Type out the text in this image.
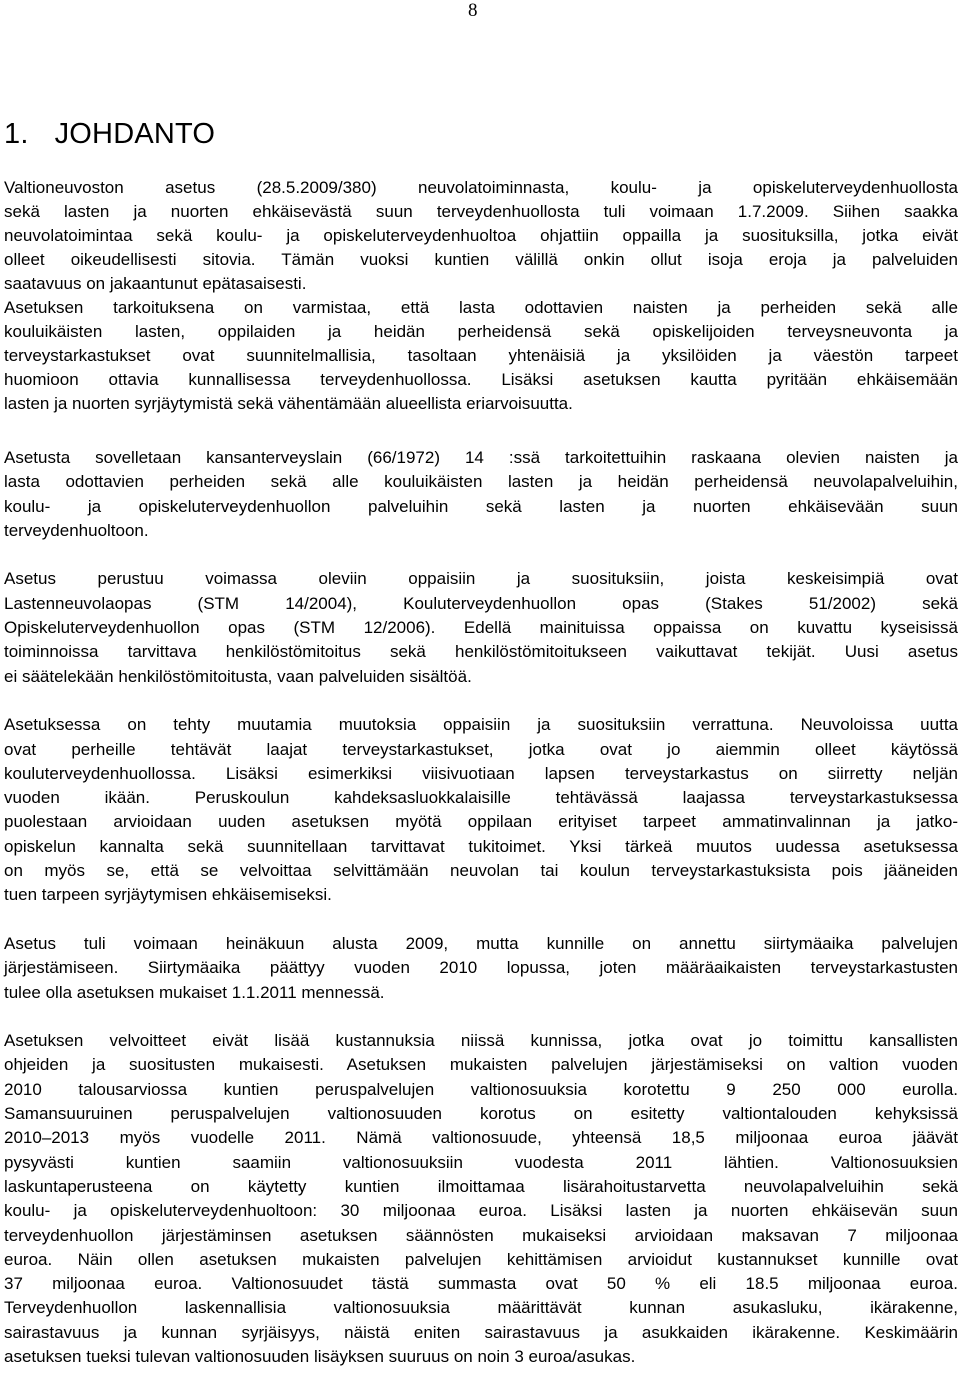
8
1. JOHDANTO
Valtioneuvoston asetus (28.5.2009/380) neuvolatoiminnasta, koulu- ja opiskeluterveydenhuollosta
sekä lasten ja nuorten ehkäisevästä suun terveydenhuollosta tuli voimaan 1.7.2009. Siihen saakka
neuvolatoimintaa sekä koulu- ja opiskeluterveydenhuoltoa ohjattiin oppailla ja suosituksilla, jotka eivät
olleet oikeudellisesti sitovia. Tämän vuoksi kuntien välillä onkin ollut isoja eroja ja palveluiden
saatavuus on jakaantunut epätasaisesti.
Asetuksen tarkoituksena on varmistaa, että lasta odottavien naisten ja perheiden sekä alle
kouluikäisten lasten, oppilaiden ja heidän perheidensä sekä opiskelijoiden terveysneuvonta ja
terveystarkastukset ovat suunnitelmallisia, tasoltaan yhtenäisiä ja yksilöiden ja väestön tarpeet
huomioon ottavia kunnallisessa terveydenhuollossa. Lisäksi asetuksen kautta pyritään ehkäisemään
lasten ja nuorten syrjäytymistä sekä vähentämään alueellista eriarvoisuutta.
Asetusta sovelletaan kansanterveyslain (66/1972) 14 :ssä tarkoitettuihin raskaana olevien naisten ja
lasta odottavien perheiden sekä alle kouluikäisten lasten ja heidän perheidensä neuvolapalveluihin,
koulu- ja opiskeluterveydenhuollon palveluihin sekä lasten ja nuorten ehkäisevään suun
terveydenhuoltoon.
Asetus perustuu voimassa oleviin oppaisiin ja suosituksiin, joista keskeisimpiä ovat
Lastenneuvolaopas (STM 14/2004), Kouluterveydenhuollon opas (Stakes 51/2002) sekä
Opiskeluterveydenhuollon opas (STM 12/2006). Edellä mainituissa oppaissa on kuvattu kyseisissä
toiminnoissa tarvittava henkilöstömitoitus sekä henkilöstömitoitukseen vaikuttavat tekijät. Uusi asetus
ei säätelekään henkilöstömitoitusta, vaan palveluiden sisältöä.
Asetuksessa on tehty muutamia muutoksia oppaisiin ja suosituksiin verrattuna. Neuvoloissa uutta
ovat perheille tehtävät laajat terveystarkastukset, jotka ovat jo aiemmin olleet käytössä
kouluterveydenhuollossa. Lisäksi esimerkiksi viisivuotiaan lapsen terveystarkastus on siirretty neljän
vuoden ikään. Peruskoulun kahdeksasluokkalaisille tehtävässä laajassa terveystarkastuksessa
puolestaan arvioidaan uuden asetuksen myötä oppilaan erityiset tarpeet ammatinvalinnan ja jatko-
opiskelun kannalta sekä suunnitellaan tarvittavat tukitoimet. Yksi tärkeä muutos uudessa asetuksessa
on myös se, että se velvoittaa selvittämään neuvolan tai koulun terveystarkastuksista pois jääneiden
tuen tarpeen syrjäytymisen ehkäisemiseksi.
Asetus tuli voimaan heinäkuun alusta 2009, mutta kunnille on annettu siirtymäaika palvelujen
järjestämiseen. Siirtymäaika päättyy vuoden 2010 lopussa, joten määräaikaisten terveystarkastusten
tulee olla asetuksen mukaiset 1.1.2011 mennessä.
Asetuksen velvoitteet eivät lisää kustannuksia niissä kunnissa, jotka ovat jo toimittu kansallisten
ohjeiden ja suositusten mukaisesti. Asetuksen mukaisten palvelujen järjestämiseksi on valtion vuoden
2010 talousarviossa kuntien peruspalvelujen valtionosuuksia korotettu 9 250 000 eurolla.
Samansuuruinen peruspalvelujen valtionosuuden korotus on esitetty valtiontalouden kehyksissä
2010–2013 myös vuodelle 2011. Nämä valtionosuude, yhteensä 18,5 miljoonaa euroa jäävät
pysyvästi kuntien saamiin valtionosuuksiin vuodesta 2011 lähtien. Valtionosuuksien
laskuntaperusteena on käytetty kuntien ilmoittamaa lisärahoitustarvetta neuvolapalveluihin sekä
koulu- ja opiskeluterveydenhuoltoon: 30 miljoonaa euroa. Lisäksi lasten ja nuorten ehkäisevän suun
terveydenhuollon järjestäminsen asetuksen säännösten mukaiseksi arvioidaan maksavan 7 miljoonaa
euroa. Näin ollen asetuksen mukaisten palvelujen kehittämisen arvioidut kustannukset kunnille ovat
37 miljoonaa euroa. Valtionosuudet tästä summasta ovat 50 % eli 18.5 miljoonaa euroa.
Terveydenhuollon laskennallisia valtionosuuksia määrittävät kunnan asukasluku, ikärakenne,
sairastavuus ja kunnan syrjäisyys, näistä eniten sairastavuus ja asukkaiden ikärakenne. Keskimäärin
asetuksen tueksi tulevan valtionosuuden lisäyksen suuruus on noin 3 euroa/asukas.
